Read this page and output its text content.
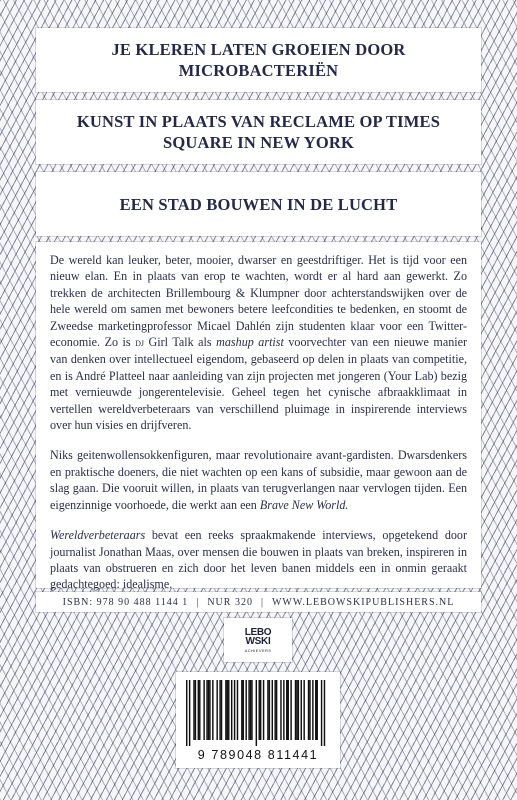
JE KLEREN LATEN GROEIEN DOOR MICROBACTERIËN
KUNST IN PLAATS VAN RECLAME OP TIMES SQUARE IN NEW YORK
EEN STAD BOUWEN IN DE LUCHT

De wereld kan leuker, beter, mooier, dwarser en geestdriftiger. Het is tijd voor een nieuw elan. En in plaats van erop te wachten, wordt er al hard aan gewerkt. Zo trekken de architecten Brillembourg & Klumpner door achterstandswijken over de hele wereld om samen met bewoners betere leefcondities te bedenken, en stoomt de Zweedse marketingprofessor Micael Dahlén zijn studenten klaar voor een Twitter-economie. Zo is dj Girl Talk als mashup artist voorvechter van een nieuwe manier van denken over intellectueel eigendom, gebaseerd op delen in plaats van competitie, en is André Platteel naar aanleiding van zijn projecten met jongeren (Your Lab) bezig met vernieuwde jongerentelevisie. Geheel tegen het cynische afbraakklimaat in vertellen wereldverbeteraars van verschillend pluimage in inspirerende interviews over hun visies en drijfveren.

Niks geitenwollensokkenfiguren, maar revolutionaire avant-gardisten. Dwarsdenkers en praktische doeners, die niet wachten op een kans of subsidie, maar gewoon aan de slag gaan. Die vooruit willen, in plaats van terugverlangen naar vervlogen tijden. Een eigenzinnige voorhoede, die werkt aan een Brave New World.

Wereldverbeteraars bevat een reeks spraakmakende interviews, opgetekend door journalist Jonathan Maas, over mensen die bouwen in plaats van breken, inspireren in plaats van obstrueren en zich door het leven banen middels een in onmin geraakt gedachtegoed: idealisme.

ISBN: 978 90 488 1144 1 | NUR 320 | WWW.LEBOWSKIPUBLISHERS.NL
LEBO
WSKI
ACHIEVERS
9 789048 811441
